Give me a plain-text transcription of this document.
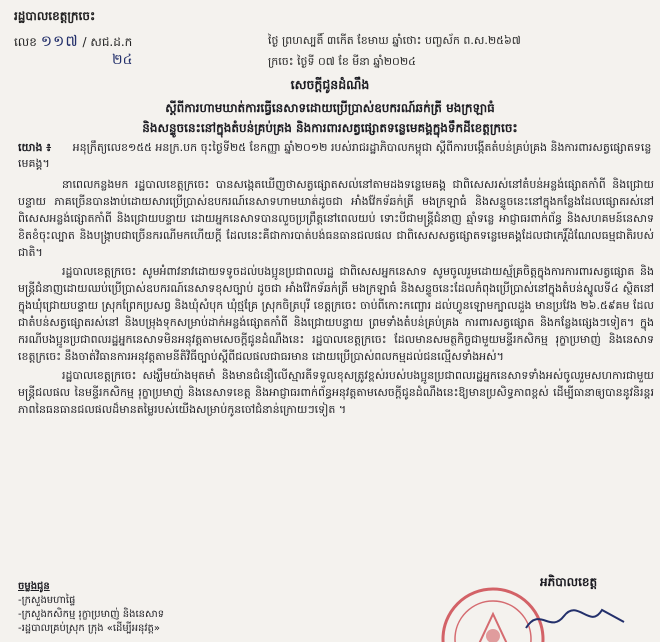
រដ្ឋបាលខេត្តក្រចេះ
លេខ ១១៧ / សជ.ដ.ក
២៤
ថ្ងៃ ព្រហស្បតិ៍ ៣កើត ខែមាឃ ឆ្នាំថោះ បញ្ចស័ក ព.ស.២៥៦៧
ក្រចេះ ថ្ងៃទី ០៧ ខែ មីនា ឆ្នាំ២០២៤
សេចក្តីជូនដំណឹង
ស្តីពីការហាមឃាត់ការធ្វើនេសាទដោយប្រើប្រាស់ឧបករណ៍ឆក់ត្រី មងក្រឡាធំ
និងសន្ទូចនេះនៅក្នុងតំបន់គ្រប់គ្រង និងការពារសត្វផ្សោតទន្លេមេគង្គក្នុងទឹកដីខេត្តក្រចេះ
យោង ៖ អនុក្រឹត្យលេខ១៥៥ អនក្រ.បក ចុះថ្ងៃទី២៥ ខែកញ្ញា ឆ្នាំ២០១២ របស់រាជរដ្ឋាភិបាលកម្ពុជា ស្តីពីការបង្កើតតំបន់គ្រប់គ្រង និងការពារសត្វផ្សោតទន្លេមេគង្គ។

នាពេលកន្លងមក រដ្ឋបាលខេត្តក្រចេះ បានសង្កេតឃើញថាសត្វផ្សោតសល់នៅតាមដងទន្លេមេគង្គ ជាពិសេសរស់នៅតំបន់អន្លង់ផ្សោតកាំពី និងជ្រោយបន្ទាយ ភាគច្រើនបានងាប់ដោយសារប្រើប្រាស់ឧបករណ៍នេសាទហាមឃាត់ដូចជា អាំងវ៉ែកទ័ឆក់ត្រី មងក្រឡាធំ និងសន្ទូចនេះនៅក្នុងកន្លែងដែលផ្សោតរស់នៅ ពិសេសអន្លង់ផ្សោតកាំពី និងជ្រោយបន្ទាយ ដោយអ្នកនេសាទបានលួចប្រព្រឹត្តនៅពេលយប់ ទោះបីជាមន្ត្រីជំនាញ ឆ្មាំទន្លេ អាជ្ញាធរពាក់ព័ន្ធ និងសហគមន៍នេសាទខិតខំចុះល្បាត និងបង្ក្រាបជាច្រើនករណីមកហើយក្តី ដែលនេះគឺជាការបាត់បង់ធនធានជលផល ជាពិសេសសត្វផ្សោតទន្លេមេគង្គដែលជាកេរ្តិ៍ដំណែលធម្មជាតិរបស់ជាតិ។

រដ្ឋបាលខេត្តក្រចេះ សូមអំពាវនាវដោយទទូចដល់បងប្អូនប្រជាពលរដ្ឋ ជាពិសេសអ្នកនេសាទ សូមចូលរួមដោយស្ម័គ្រចិត្តក្នុងការការពារសត្វផ្សោត និងមន្ត្រីជំនាញដោយឈប់ប្រើប្រាស់ឧបករណ៍នេសាទខុសច្បាប់ ដូចជា អាំងវ៉ែកទ័ឆក់ត្រី មងក្រឡាធំ និងសន្ទូចនេះដែលកំពុងប្រើប្រាស់នៅក្នុងតំបន់ស្នូលទី៤ ស្ថិតនៅក្នុងឃុំជ្រោយបន្ទាយ ស្រុកព្រែកប្រសព្វ និងឃុំសំបុក ឃុំថ្មគ្រែ ស្រុកចិត្របុរី ខេត្តក្រចេះ ចាប់ពីកោះកញ្ចោរ ដល់ហ្វូនឡោមក្បាលដួង មានប្រវែង ២៦.៥៩គម ដែលជាតំបន់សត្វផ្សោតរស់នៅ និងបម្រុងទុកសម្រាប់ដាក់អន្លង់ផ្សោតកាំពី និងជ្រោយបន្ទាយ ព្រមទាំងតំបន់គ្រប់គ្រង ការពារសត្វផ្សោត និងកន្លែងផ្សេងៗទៀត។ ក្នុងករណីបងប្អូនប្រជាពលរដ្ឋអ្នកនេសាទមិនអនុវត្តតាមសេចក្តីជូនដំណឹងនេះ រដ្ឋបាលខេត្តក្រចេះ ដែលមានសមត្ថកិច្ចជាមួយមន្ទីរកសិកម្ម រុក្ខាប្រមាញ់ និងនេសាទ ខេត្តក្រចេះ នឹងចាត់វិធានការអនុវត្តតាមនីតិវិធីច្បាប់ស្តីពីជលផលជាធរមាន ដោយប្រើប្រាស់ពលកម្មដល់ជនល្មើសទាំងអស់។

រដ្ឋបាលខេត្តក្រចេះ សង្ឃឹមយ៉ាងមុតមាំ និងមានជំនឿលើស្មារតីទទួលខុសត្រូវខ្ពស់របស់បងប្អូនប្រជាពលរដ្ឋអ្នកនេសាទទាំងអស់ចូលរួមសហការជាមួយមន្ត្រីជលផល នៃមន្ទីរកសិកម្ម រុក្ខាប្រមាញ់ និងនេសាទខេត្ត និងអាជ្ញាធរពាក់ព័ន្ធអនុវត្តតាមសេចក្តីជូនដំណឹងនេះឱ្យមានប្រសិទ្ធភាពខ្ពស់ ដើម្បីធានាឲ្យបាននូវនិរន្តរភាពនៃធនធានជលផលដ៏មានតម្លៃរបស់យើងសម្រាប់កូនចៅជំនាន់ក្រោយៗទៀត ។

ចម្លងជូន
-ក្រសួងមហាផ្ទៃ
-ក្រសួងកសិកម្ម រុក្ខាប្រមាញ់ និងនេសាទ
-រដ្ឋបាលគ្រប់ស្រុក ក្រុង «ដើម្បីអនុវត្ត»
អភិបាលខេត្ត
